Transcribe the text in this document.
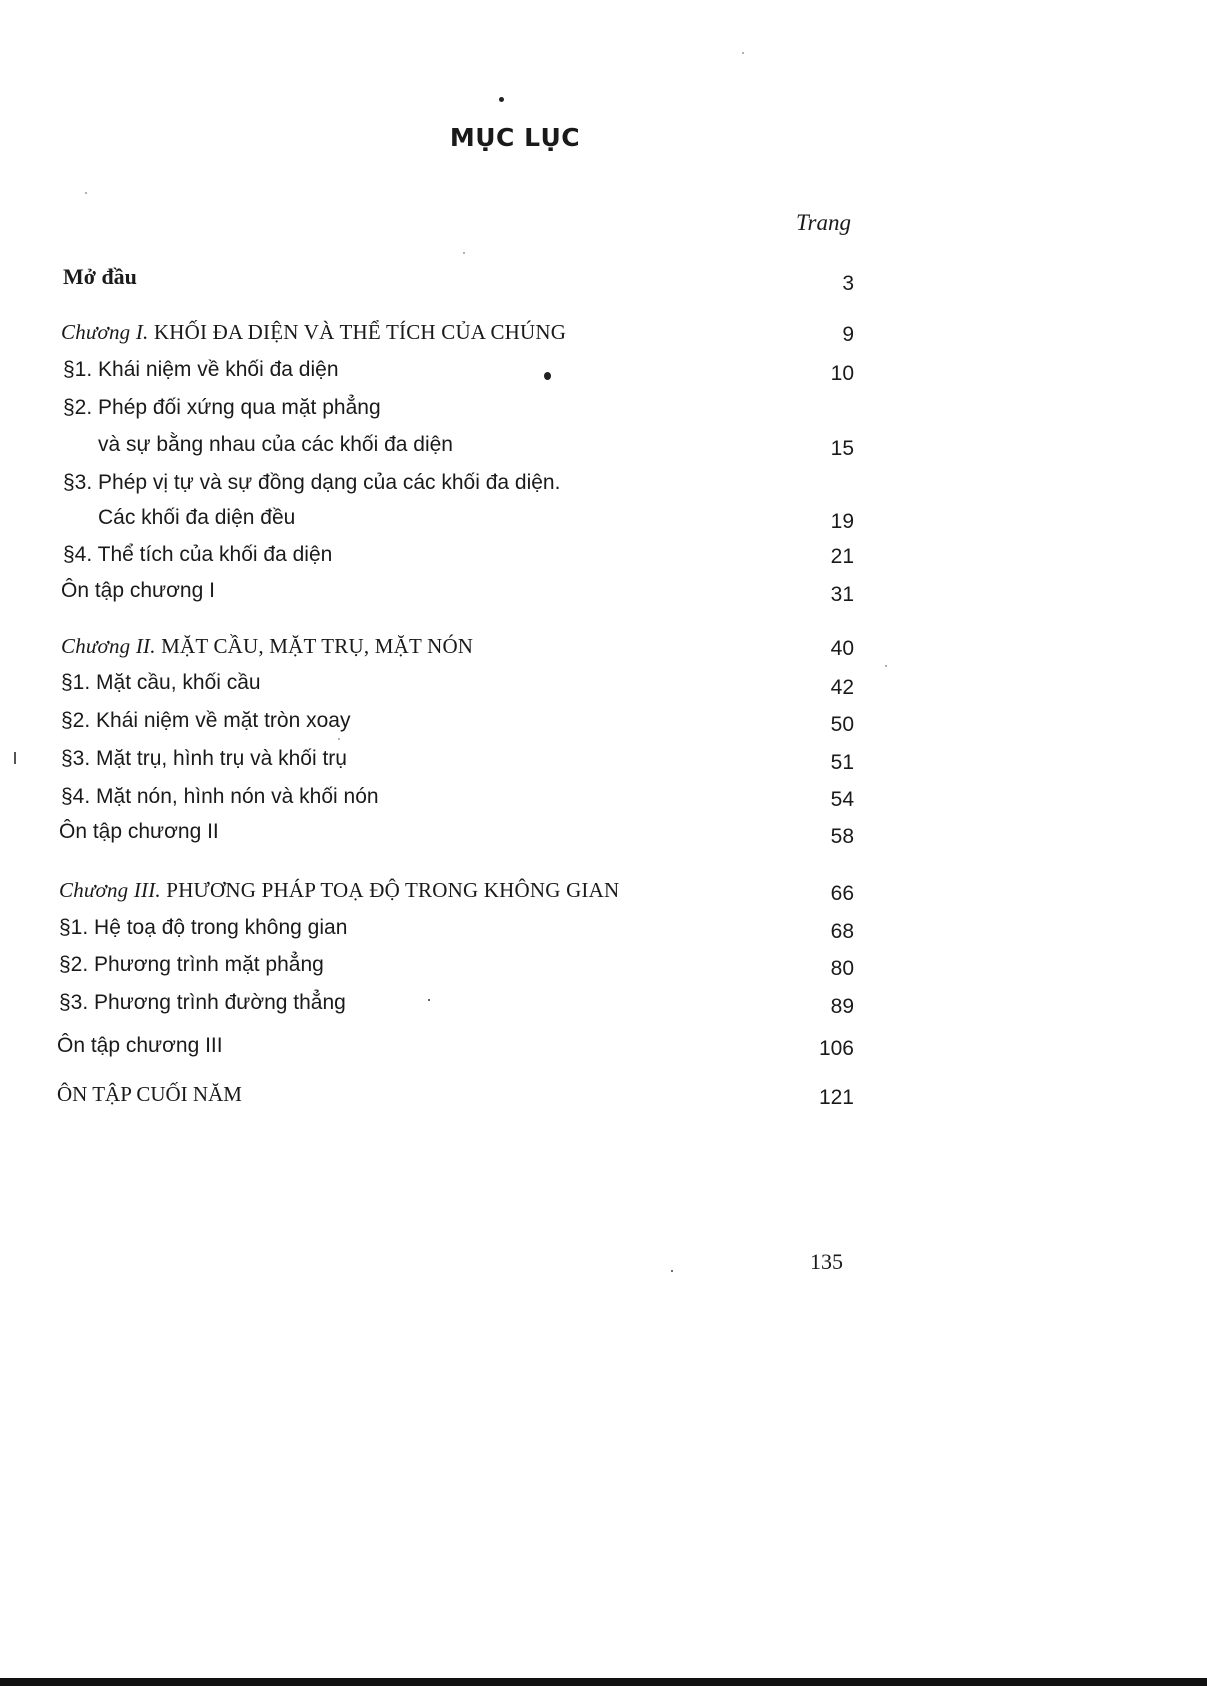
MỤC LỤC
Trang
Mở đầu	3
Chương I. KHỐI ĐA DIỆN VÀ THỂ TÍCH CỦA CHÚNG	9
§1. Khái niệm về khối đa diện	10
§2. Phép đối xứng qua mặt phẳng
và sự bằng nhau của các khối đa diện	15
§3. Phép vị tự và sự đồng dạng của các khối đa diện.
Các khối đa diện đều	19
§4. Thể tích của khối đa diện	21
Ôn tập chương I	31
Chương II. MẶT CẦU, MẶT TRỤ, MẶT NÓN	40
§1. Mặt cầu, khối cầu	42
§2. Khái niệm về mặt tròn xoay	50
§3. Mặt trụ, hình trụ và khối trụ	51
§4. Mặt nón, hình nón và khối nón	54
Ôn tập chương II	58
Chương III. PHƯƠNG PHÁP TOẠ ĐỘ TRONG KHÔNG GIAN	66
§1. Hệ toạ độ trong không gian	68
§2. Phương trình mặt phẳng	80
§3. Phương trình đường thẳng	89
Ôn tập chương III	106
ÔN TẬP CUỐI NĂM	121
135
